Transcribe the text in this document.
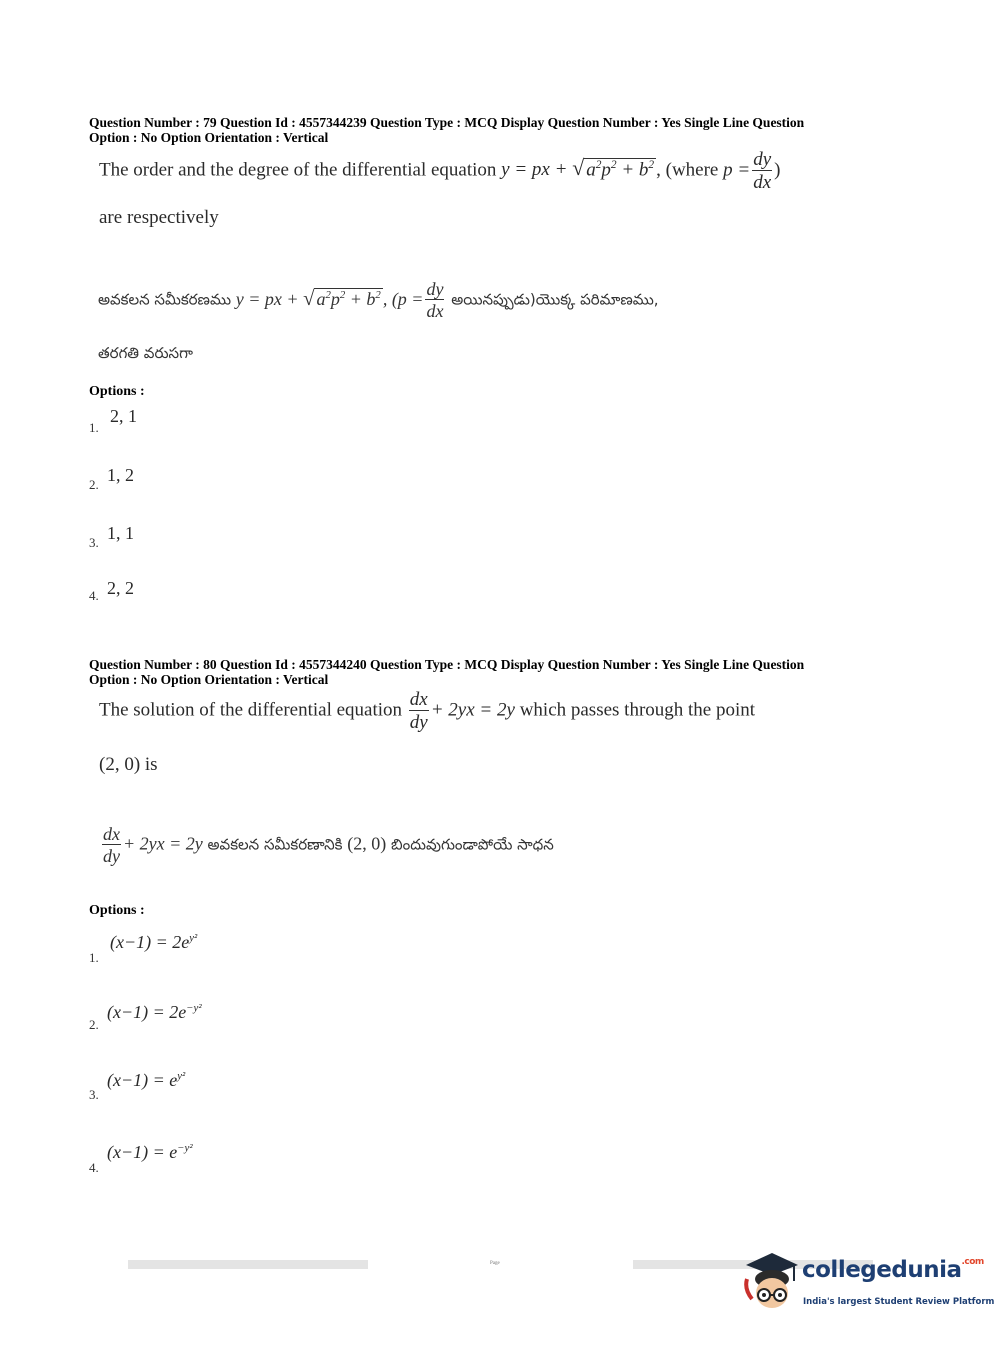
Question Number : 79 Question Id : 4557344239 Question Type : MCQ Display Question Number : Yes Single Line Question
Option : No Option Orientation : Vertical
The order and the degree of the differential equation y = px + √ $a^2p^2 + b^2$ , (where $p = \frac{dy}{dx}$ )
are respectively
అవకలన సమీకరణము y = px + √ $a^2p^2 + b^2$ , ($p = \frac{dy}{dx}$ అయినప్పుడు)యొక్క పరిమాణము,
తరగతి వరుసగా
Options :
1.
2, 1
2. 1, 2
3. 1, 1
4. 2, 2
Question Number : 80 Question Id : 4557344240 Question Type : MCQ Display Question Number : Yes Single Line Question
Option : No Option Orientation : Vertical
The solution of the differential equation $\frac{dx}{dy} + 2yx = 2y$ which passes through the point
(2, 0) is
$\frac{dx}{dy} + 2yx = 2y$ అవకలన సమీకరణానికి (2, 0) బిందువుగుండాపోయే సాధన
Options :
1.
$(x-1) = 2e^{y^2}$
2.
$(x-1) = 2e^{-y^2}$
3.
$(x-1) = e^{y^2}$
4.
$(x-1) = e^{-y^2}$
Page	collegedunia$^{.com}$
India's largest Student Review Platform
